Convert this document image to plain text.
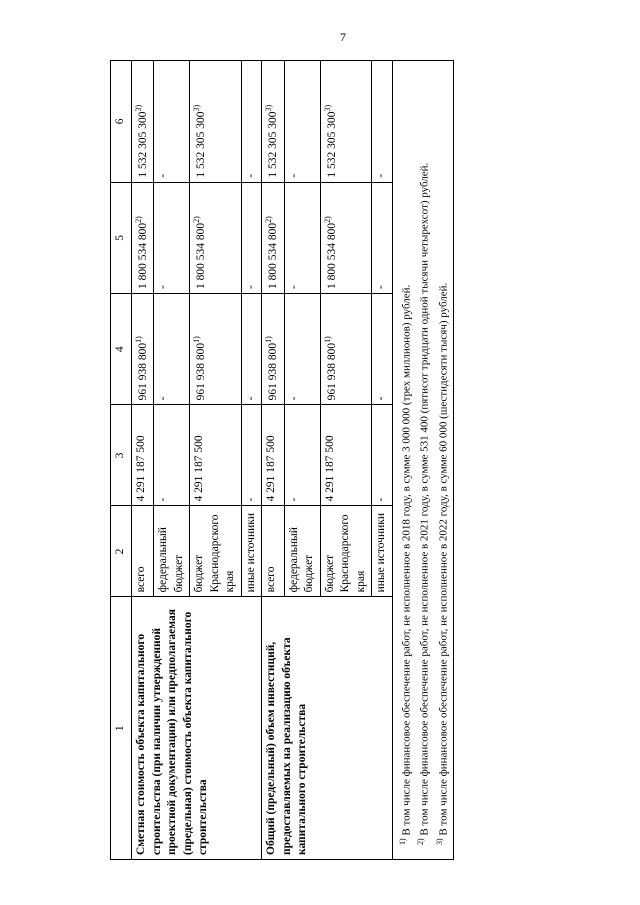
7
1	2	3	4	5	6
Сметная стоимость объекта капитального строительства (при наличии утвержденной проектной документации) или предполагаемая (предельная) стоимость объекта капитального строительства	всего	4 291 187 500	961 938 800$^{1)}$	1 800 534 800$^{2)}$	1 532 305 300$^{3)}$
	федеральный бюджет	-	-	-	-
	бюджет Краснодарского края	4 291 187 500	961 938 800$^{1)}$	1 800 534 800$^{2)}$	1 532 305 300$^{3)}$
	иные источники	-	-	-	-
Общий (предельный) объем инвестиций, предоставляемых на реализацию объекта капитального строительства	всего	4 291 187 500	961 938 800$^{1)}$	1 800 534 800$^{2)}$	1 532 305 300$^{3)}$
	федеральный бюджет	-	-	-	-
	бюджет Краснодарского края	4 291 187 500	961 938 800$^{1)}$	1 800 534 800$^{2)}$	1 532 305 300$^{3)}$
	иные источники	-	-	-	-

$^{1)}$ В том числе финансовое обеспечение работ, не исполненное в 2018 году, в сумме 3 000 000 (трех миллионов) рублей.

$^{2)}$ В том числе финансовое обеспечение работ, не исполненное в 2021 году, в сумме 531 400 (пятисот тридцати одной тысячи четырехсот) рублей.

$^{3)}$ В том числе финансовое обеспечение работ, не исполненное в 2022 году, в сумме 60 000 (шестидесяти тысяч) рублей.					
